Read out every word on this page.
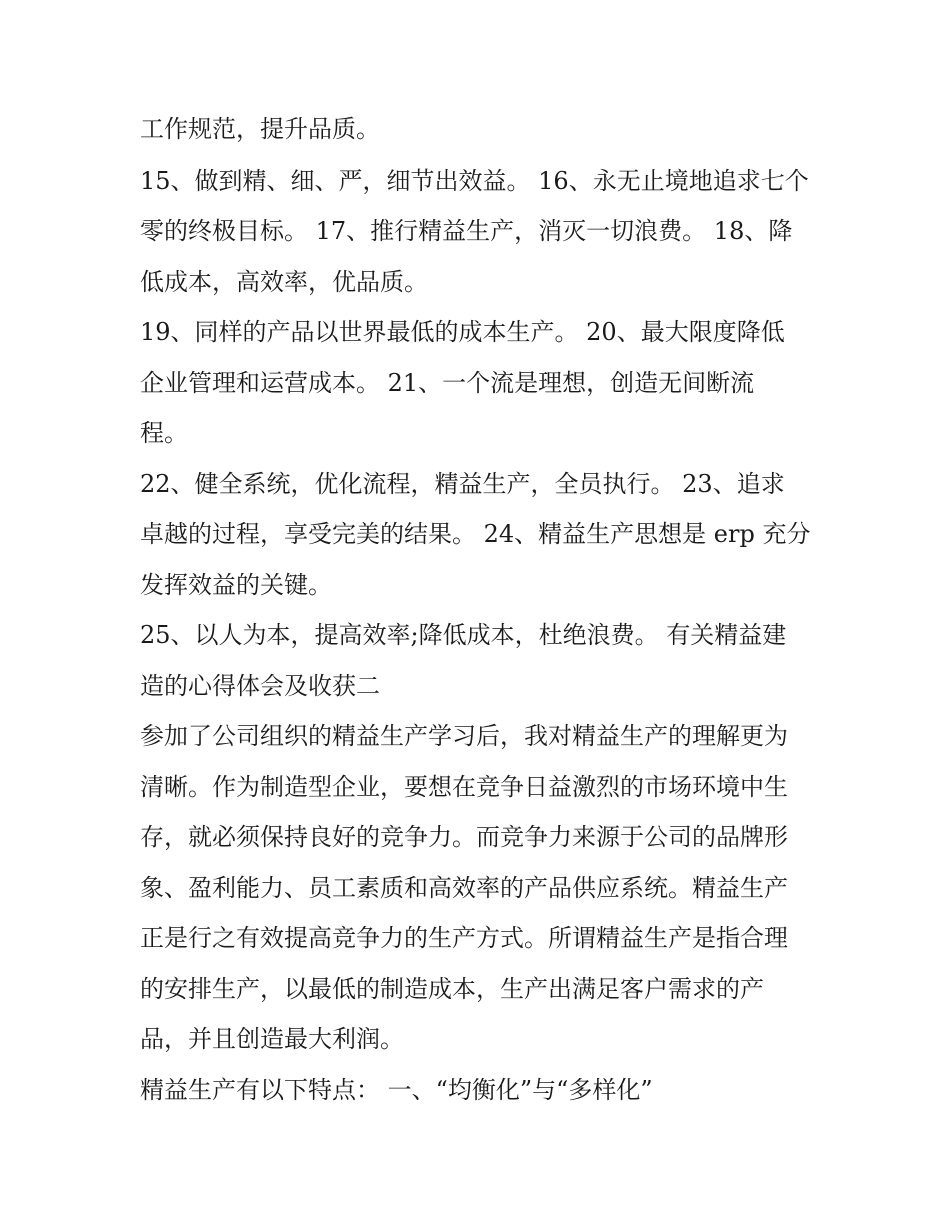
工作规范，提升品质。
15、做到精、细、严，细节出效益。 16、永无止境地追求七个
零的终极目标。 17、推行精益生产，消灭一切浪费。 18、降
低成本，高效率，优品质。
19、同样的产品以世界最低的成本生产。 20、最大限度降低
企业管理和运营成本。 21、一个流是理想，创造无间断流
程。
22、健全系统，优化流程，精益生产，全员执行。 23、追求
卓越的过程，享受完美的结果。 24、精益生产思想是 erp 充分
发挥效益的关键。
25、以人为本，提高效率;降低成本，杜绝浪费。 有关精益建
造的心得体会及收获二
参加了公司组织的精益生产学习后，我对精益生产的理解更为
清晰。作为制造型企业，要想在竞争日益激烈的市场环境中生
存，就必须保持良好的竞争力。而竞争力来源于公司的品牌形
象、盈利能力、员工素质和高效率的产品供应系统。精益生产
正是行之有效提高竞争力的生产方式。所谓精益生产是指合理
的安排生产，以最低的制造成本，生产出满足客户需求的产
品，并且创造最大利润。
精益生产有以下特点： 一、“均衡化”与“多样化”
